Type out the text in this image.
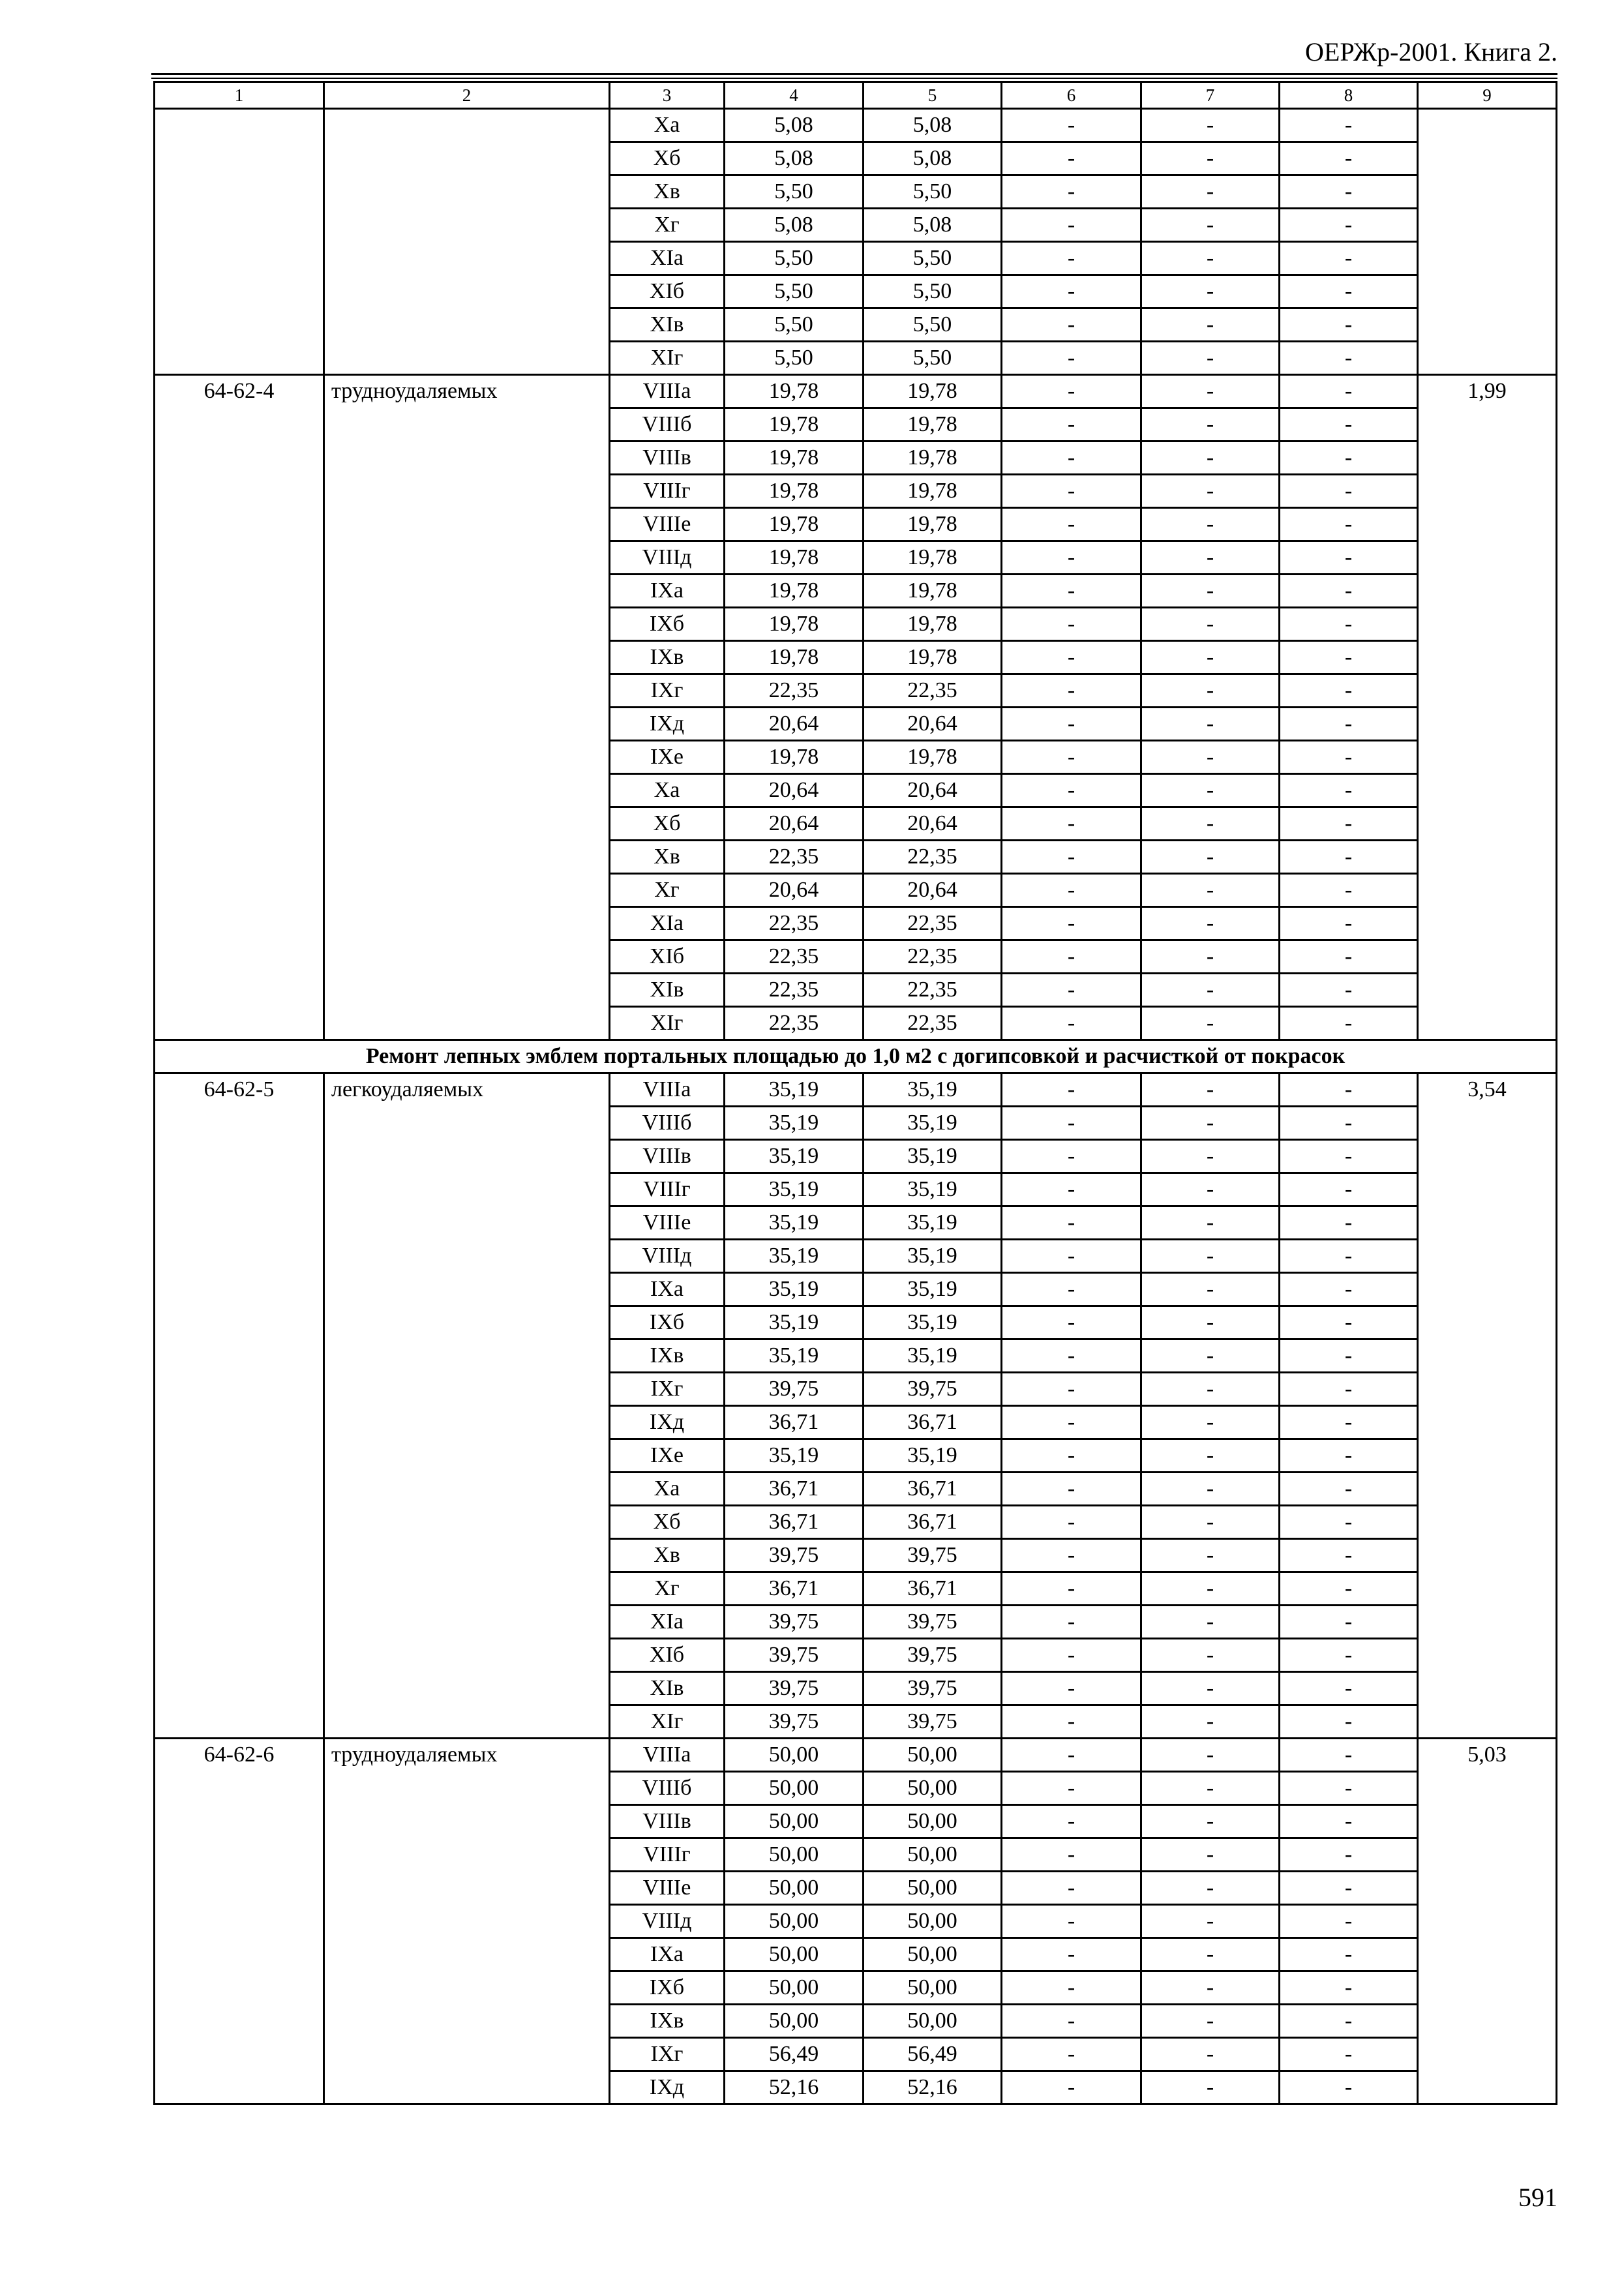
ОЕРЖр-2001. Книга 2.
1	2	3	4	5	6	7	8	9
		Xa	5,08	5,08	-	-	-	
		Xб	5,08	5,08	-	-	-	
		Xв	5,50	5,50	-	-	-	
		Xг	5,08	5,08	-	-	-	
		XIa	5,50	5,50	-	-	-	
		XIб	5,50	5,50	-	-	-	
		XIв	5,50	5,50	-	-	-	
		XIг	5,50	5,50	-	-	-	
64-62-4	трудноудаляемых	VIIIa	19,78	19,78	-	-	-	1,99
		VIIIб	19,78	19,78	-	-	-	
		VIIIв	19,78	19,78	-	-	-	
		VIIIг	19,78	19,78	-	-	-	
		VIIIe	19,78	19,78	-	-	-	
		VIIIд	19,78	19,78	-	-	-	
		IXa	19,78	19,78	-	-	-	
		IXб	19,78	19,78	-	-	-	
		IXв	19,78	19,78	-	-	-	
		IXг	22,35	22,35	-	-	-	
		IXд	20,64	20,64	-	-	-	
		IXe	19,78	19,78	-	-	-	
		Xa	20,64	20,64	-	-	-	
		Xб	20,64	20,64	-	-	-	
		Xв	22,35	22,35	-	-	-	
		Xг	20,64	20,64	-	-	-	
		XIa	22,35	22,35	-	-	-	
		XIб	22,35	22,35	-	-	-	
		XIв	22,35	22,35	-	-	-	
		XIг	22,35	22,35	-	-	-	
Ремонт лепных эмблем портальных площадью до 1,0 м2 с догипсовкой и расчисткой от покрасок								
64-62-5	легкоудаляемых	VIIIa	35,19	35,19	-	-	-	3,54
		VIIIб	35,19	35,19	-	-	-	
		VIIIв	35,19	35,19	-	-	-	
		VIIIг	35,19	35,19	-	-	-	
		VIIIe	35,19	35,19	-	-	-	
		VIIIд	35,19	35,19	-	-	-	
		IXa	35,19	35,19	-	-	-	
		IXб	35,19	35,19	-	-	-	
		IXв	35,19	35,19	-	-	-	
		IXг	39,75	39,75	-	-	-	
		IXд	36,71	36,71	-	-	-	
		IXe	35,19	35,19	-	-	-	
		Xa	36,71	36,71	-	-	-	
		Xб	36,71	36,71	-	-	-	
		Xв	39,75	39,75	-	-	-	
		Xг	36,71	36,71	-	-	-	
		XIa	39,75	39,75	-	-	-	
		XIб	39,75	39,75	-	-	-	
		XIв	39,75	39,75	-	-	-	
		XIг	39,75	39,75	-	-	-	
64-62-6	трудноудаляемых	VIIIa	50,00	50,00	-	-	-	5,03
		VIIIб	50,00	50,00	-	-	-	
		VIIIв	50,00	50,00	-	-	-	
		VIIIг	50,00	50,00	-	-	-	
		VIIIe	50,00	50,00	-	-	-	
		VIIIд	50,00	50,00	-	-	-	
		IXa	50,00	50,00	-	-	-	
		IXб	50,00	50,00	-	-	-	
		IXв	50,00	50,00	-	-	-	
		IXг	56,49	56,49	-	-	-	
		IXд	52,16	52,16	-	-	-	
591
